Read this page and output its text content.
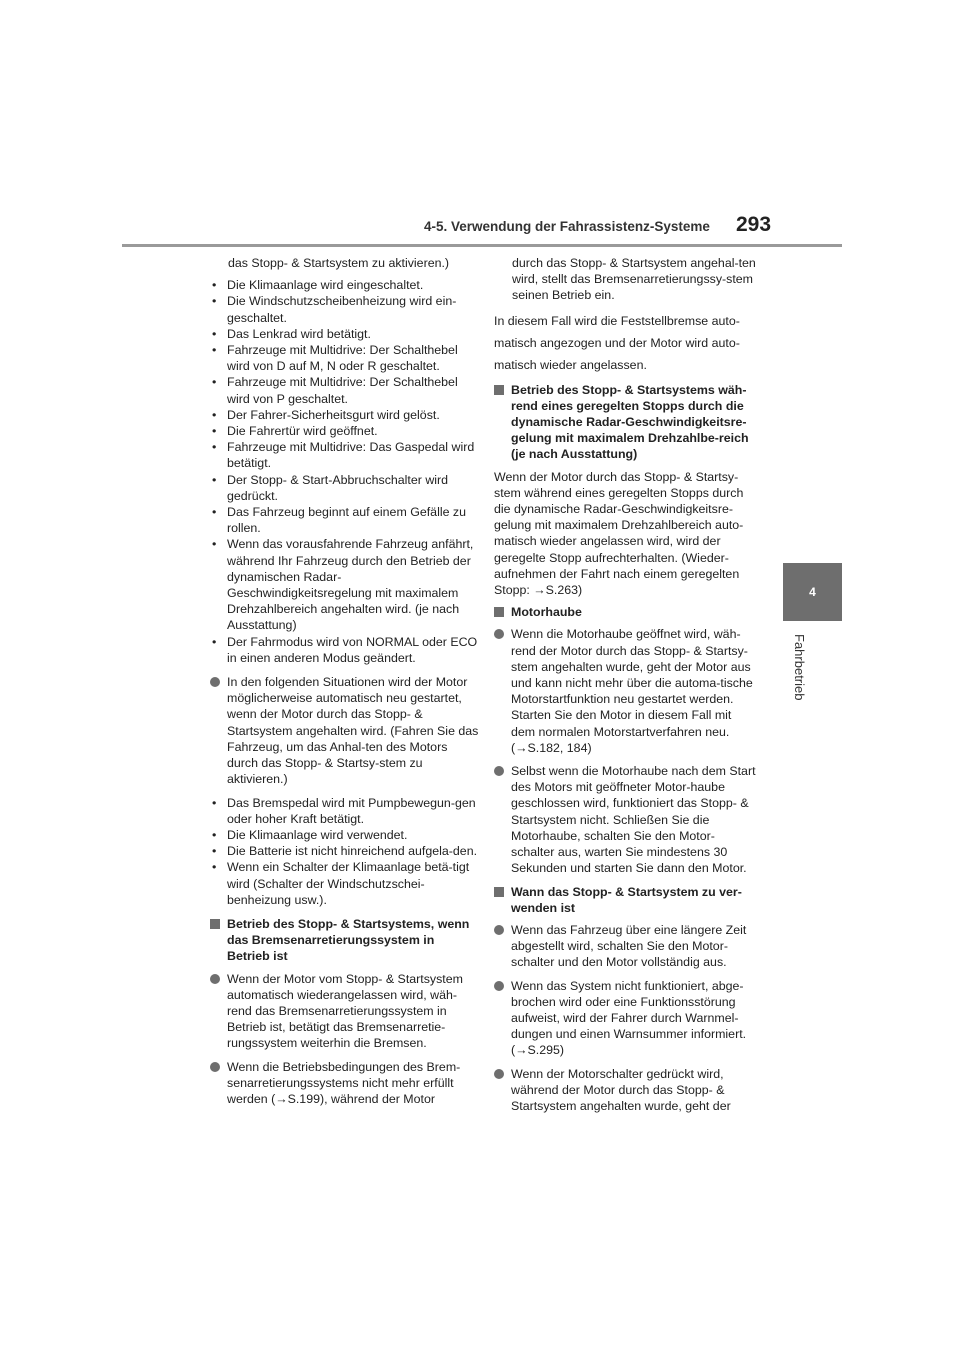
4-5. Verwendung der Fahrassistenz-Systeme 293
4
Fahrbetrieb

das Stopp- & Startsystem zu aktivieren.)

• Die Klimaanlage wird eingeschaltet.
• Die Windschutzscheibenheizung wird ein-geschaltet.
• Das Lenkrad wird betätigt.
• Fahrzeuge mit Multidrive: Der Schalthebel wird von D auf M, N oder R geschaltet.
• Fahrzeuge mit Multidrive: Der Schalthebel wird von P geschaltet.
• Der Fahrer-Sicherheitsgurt wird gelöst.
• Die Fahrertür wird geöffnet.
• Fahrzeuge mit Multidrive: Das Gaspedal wird betätigt.
• Der Stopp- & Start-Abbruchschalter wird gedrückt.
• Das Fahrzeug beginnt auf einem Gefälle zu rollen.
• Wenn das vorausfahrende Fahrzeug anfährt, während Ihr Fahrzeug durch den Betrieb der dynamischen Radar-Geschwindigkeitsregelung mit maximalem Drehzahlbereich angehalten wird. (je nach Ausstattung)
• Der Fahrmodus wird von NORMAL oder ECO in einen anderen Modus geändert.
In den folgenden Situationen wird der Motor möglicherweise automatisch neu gestartet, wenn der Motor durch das Stopp- & Startsystem angehalten wird. (Fahren Sie das Fahrzeug, um das Anhal-ten des Motors durch das Stopp- & Startsy-stem zu aktivieren.)
• Das Bremspedal wird mit Pumpbewegun-gen oder hoher Kraft betätigt.
• Die Klimaanlage wird verwendet.
• Die Batterie ist nicht hinreichend aufgela-den.
• Wenn ein Schalter der Klimaanlage betä-tigt wird (Schalter der Windschutzschei-benheizung usw.).
Betrieb des Stopp- & Startsystems, wenn das Bremsenarretierungssystem in Betrieb ist
Wenn der Motor vom Stopp- & Startsystem automatisch wiederangelassen wird, wäh-rend das Bremsenarretierungssystem in Betrieb ist, betätigt das Bremsenarretie-rungssystem weiterhin die Bremsen.
Wenn die Betriebsbedingungen des Brem-senarretierungssystems nicht mehr erfüllt werden (→S.199), während der Motor

durch das Stopp- & Startsystem angehal-ten wird, stellt das Bremsenarretierungssy-stem seinen Betrieb ein.

In diesem Fall wird die Feststellbremse auto-matisch angezogen und der Motor wird auto-matisch wieder angelassen.

Betrieb des Stopp- & Startsystems wäh-rend eines geregelten Stopps durch die dynamische Radar-Geschwindigkeitsre-gelung mit maximalem Drehzahlbe-reich (je nach Ausstattung)

Wenn der Motor durch das Stopp- & Startsy-stem während eines geregelten Stopps durch die dynamische Radar-Geschwindigkeitsre-gelung mit maximalem Drehzahlbereich auto-matisch wieder angelassen wird, wird der geregelte Stopp aufrechterhalten. (Wieder-aufnehmen der Fahrt nach einem geregelten Stopp: →S.263)

Motorhaube
Wenn die Motorhaube geöffnet wird, wäh-rend der Motor durch das Stopp- & Startsy-stem angehalten wurde, geht der Motor aus und kann nicht mehr über die automa-tische Motorstartfunktion neu gestartet werden. Starten Sie den Motor in diesem Fall mit dem normalen Motorstartverfahren neu. (→S.182, 184)
Selbst wenn die Motorhaube nach dem Start des Motors mit geöffneter Motor-haube geschlossen wird, funktioniert das Stopp- & Startsystem nicht. Schließen Sie die Motorhaube, schalten Sie den Motor-schalter aus, warten Sie mindestens 30 Sekunden und starten Sie dann den Motor.
Wann das Stopp- & Startsystem zu ver-wenden ist
Wenn das Fahrzeug über eine längere Zeit abgestellt wird, schalten Sie den Motor-schalter und den Motor vollständig aus.
Wenn das System nicht funktioniert, abge-brochen wird oder eine Funktionsstörung aufweist, wird der Fahrer durch Warnmel-dungen und einen Warnsummer informiert. (→S.295)
Wenn der Motorschalter gedrückt wird, während der Motor durch das Stopp- & Startsystem angehalten wurde, geht der
